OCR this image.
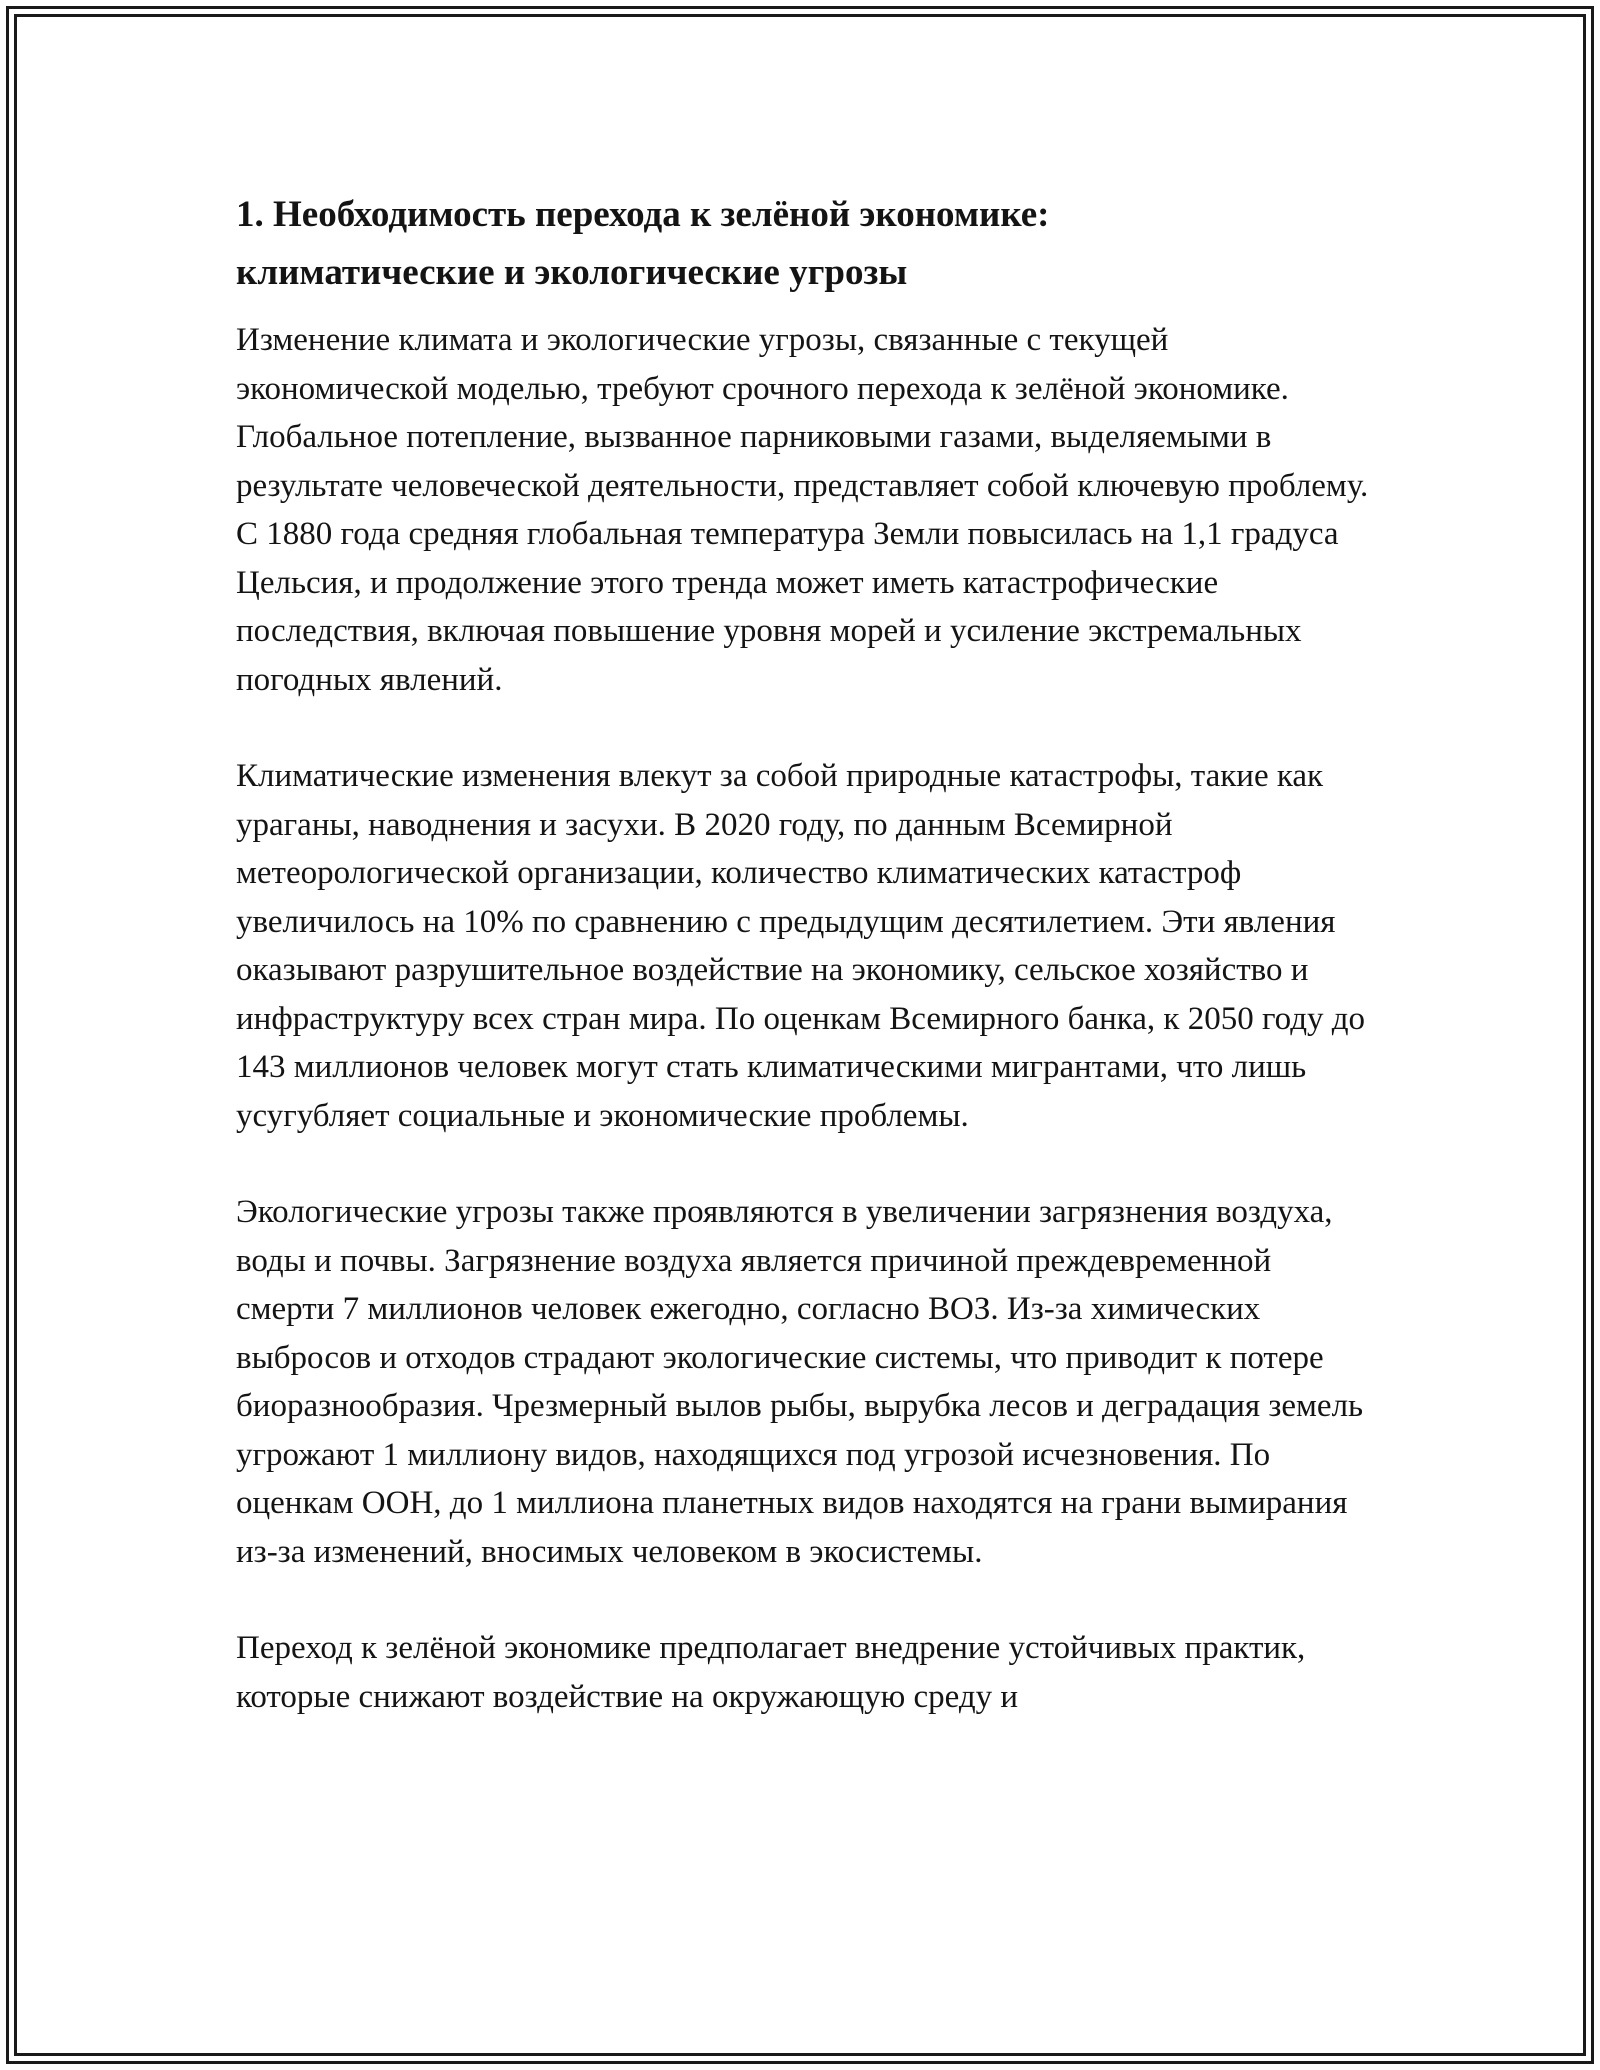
1. Необходимость перехода к зелёной экономике: климатические и экологические угрозы

Изменение климата и экологические угрозы, связанные с текущей экономической моделью, требуют срочного перехода к зелёной экономике. Глобальное потепление, вызванное парниковыми газами, выделяемыми в результате человеческой деятельности, представляет собой ключевую проблему. С 1880 года средняя глобальная температура Земли повысилась на 1,1 градуса Цельсия, и продолжение этого тренда может иметь катастрофические последствия, включая повышение уровня морей и усиление экстремальных погодных явлений.

Климатические изменения влекут за собой природные катастрофы, такие как ураганы, наводнения и засухи. В 2020 году, по данным Всемирной метеорологической организации, количество климатических катастроф увеличилось на 10% по сравнению с предыдущим десятилетием. Эти явления оказывают разрушительное воздействие на экономику, сельское хозяйство и инфраструктуру всех стран мира. По оценкам Всемирного банка, к 2050 году до 143 миллионов человек могут стать климатическими мигрантами, что лишь усугубляет социальные и экономические проблемы.

Экологические угрозы также проявляются в увеличении загрязнения воздуха, воды и почвы. Загрязнение воздуха является причиной преждевременной смерти 7 миллионов человек ежегодно, согласно ВОЗ. Из-за химических выбросов и отходов страдают экологические системы, что приводит к потере биоразнообразия. Чрезмерный вылов рыбы, вырубка лесов и деградация земель угрожают 1 миллиону видов, находящихся под угрозой исчезновения. По оценкам ООН, до 1 миллиона планетных видов находятся на грани вымирания из-за изменений, вносимых человеком в экосистемы.

Переход к зелёной экономике предполагает внедрение устойчивых практик, которые снижают воздействие на окружающую среду и
